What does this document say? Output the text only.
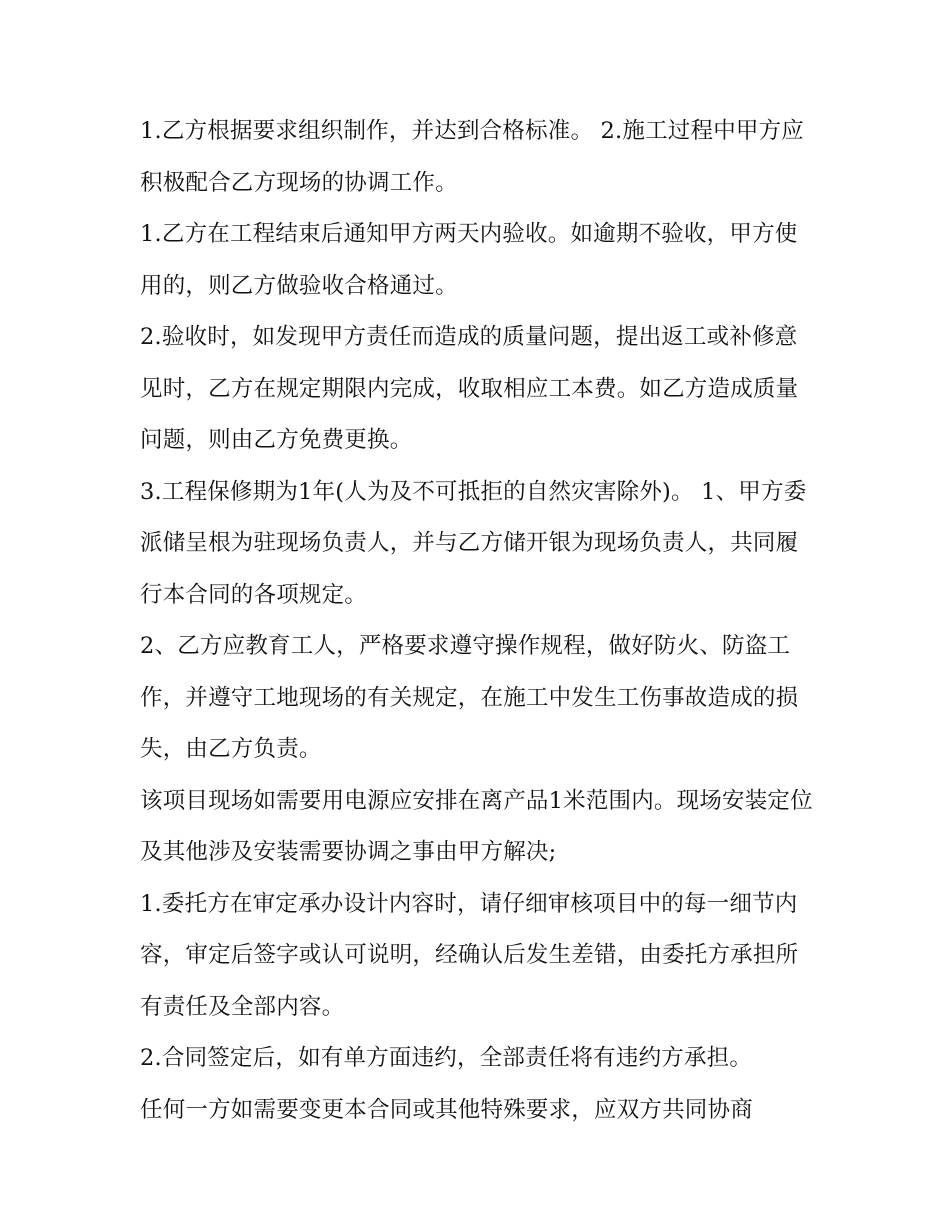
1.乙方根据要求组织制作，并达到合格标准。 2.施工过程中甲方应积极配合乙方现场的协调工作。

1.乙方在工程结束后通知甲方两天内验收。如逾期不验收，甲方使用的，则乙方做验收合格通过。

2.验收时，如发现甲方责任而造成的质量问题，提出返工或补修意见时，乙方在规定期限内完成，收取相应工本费。如乙方造成质量问题，则由乙方免费更换。

3.工程保修期为1年(人为及不可抵拒的自然灾害除外)。 1、甲方委派储呈根为驻现场负责人，并与乙方储开银为现场负责人，共同履行本合同的各项规定。

2、乙方应教育工人，严格要求遵守操作规程，做好防火、防盗工作，并遵守工地现场的有关规定，在施工中发生工伤事故造成的损失，由乙方负责。

该项目现场如需要用电源应安排在离产品1米范围内。现场安装定位及其他涉及安装需要协调之事由甲方解决;

1.委托方在审定承办设计内容时，请仔细审核项目中的每一细节内容，审定后签字或认可说明，经确认后发生差错，由委托方承担所有责任及全部内容。

2.合同签定后，如有单方面违约，全部责任将有违约方承担。

任何一方如需要变更本合同或其他特殊要求，应双方共同协商
